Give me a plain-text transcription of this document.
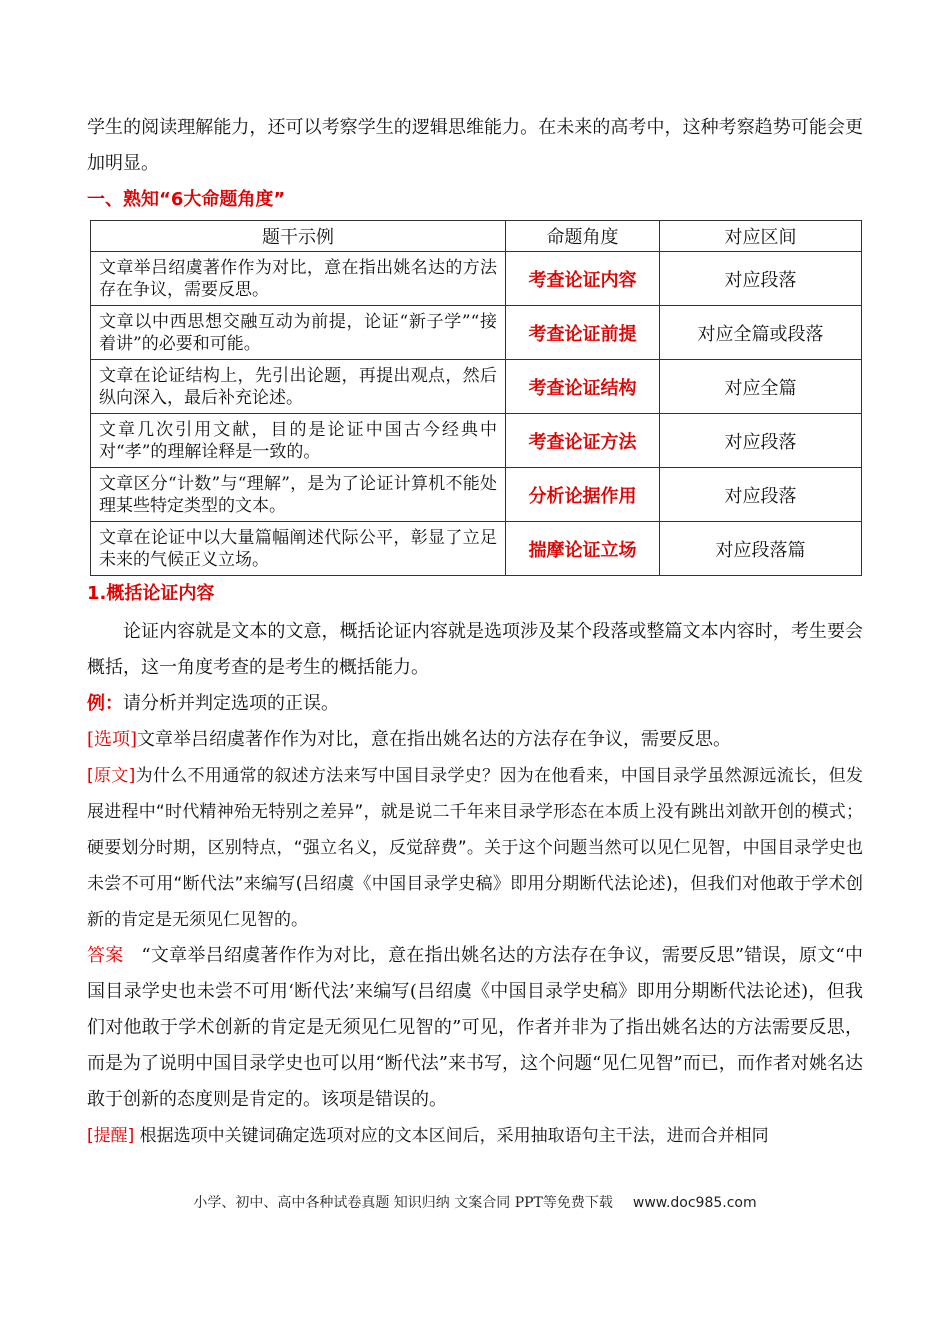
学生的阅读理解能力，还可以考察学生的逻辑思维能力。在未来的高考中，这种考察趋势可能会更加明显。

一、熟知“6大命题角度”
题干示例	命题角度	对应区间
文章举吕绍虞著作作为对比，意在指出姚名达的方法存在争议，需要反思。	考查论证内容	对应段落
文章以中西思想交融互动为前提，论证“新子学”“接着讲”的必要和可能。	考查论证前提	对应全篇或段落
文章在论证结构上，先引出论题，再提出观点，然后纵向深入，最后补充论述。	考查论证结构	对应全篇
文章几次引用文献，目的是论证中国古今经典中对“孝”的理解诠释是一致的。	考查论证方法	对应段落
文章区分“计数”与“理解”，是为了论证计算机不能处理某些特定类型的文本。	分析论据作用	对应段落
文章在论证中以大量篇幅阐述代际公平，彰显了立足未来的气候正义立场。	揣摩论证立场	对应段落篇
1.概括论证内容

论证内容就是文本的文意，概括论证内容就是选项涉及某个段落或整篇文本内容时，考生要会概括，这一角度考查的是考生的概括能力。

例：请分析并判定选项的正误。

[选项]文章举吕绍虞著作作为对比，意在指出姚名达的方法存在争议，需要反思。

[原文]为什么不用通常的叙述方法来写中国目录学史？因为在他看来，中国目录学虽然源远流长，但发展进程中“时代精神殆无特别之差异”，就是说二千年来目录学形态在本质上没有跳出刘歆开创的模式；硬要划分时期，区别特点，“强立名义，反觉辞费”。关于这个问题当然可以见仁见智，中国目录学史也未尝不可用“断代法”来编写(吕绍虞《中国目录学史稿》即用分期断代法论述)，但我们对他敢于学术创新的肯定是无须见仁见智的。

答案 “文章举吕绍虞著作作为对比，意在指出姚名达的方法存在争议，需要反思”错误，原文“中国目录学史也未尝不可用‘断代法’来编写(吕绍虞《中国目录学史稿》即用分期断代法论述)，但我们对他敢于学术创新的肯定是无须见仁见智的”可见，作者并非为了指出姚名达的方法需要反思，而是为了说明中国目录学史也可以用“断代法”来书写，这个问题“见仁见智”而已，而作者对姚名达敢于创新的态度则是肯定的。该项是错误的。

[提醒] 根据选项中关键词确定选项对应的文本区间后，采用抽取语句主干法，进而合并相同

小学、初中、高中各种试卷真题 知识归纳 文案合同 PPT等免费下载 www.doc985.com
